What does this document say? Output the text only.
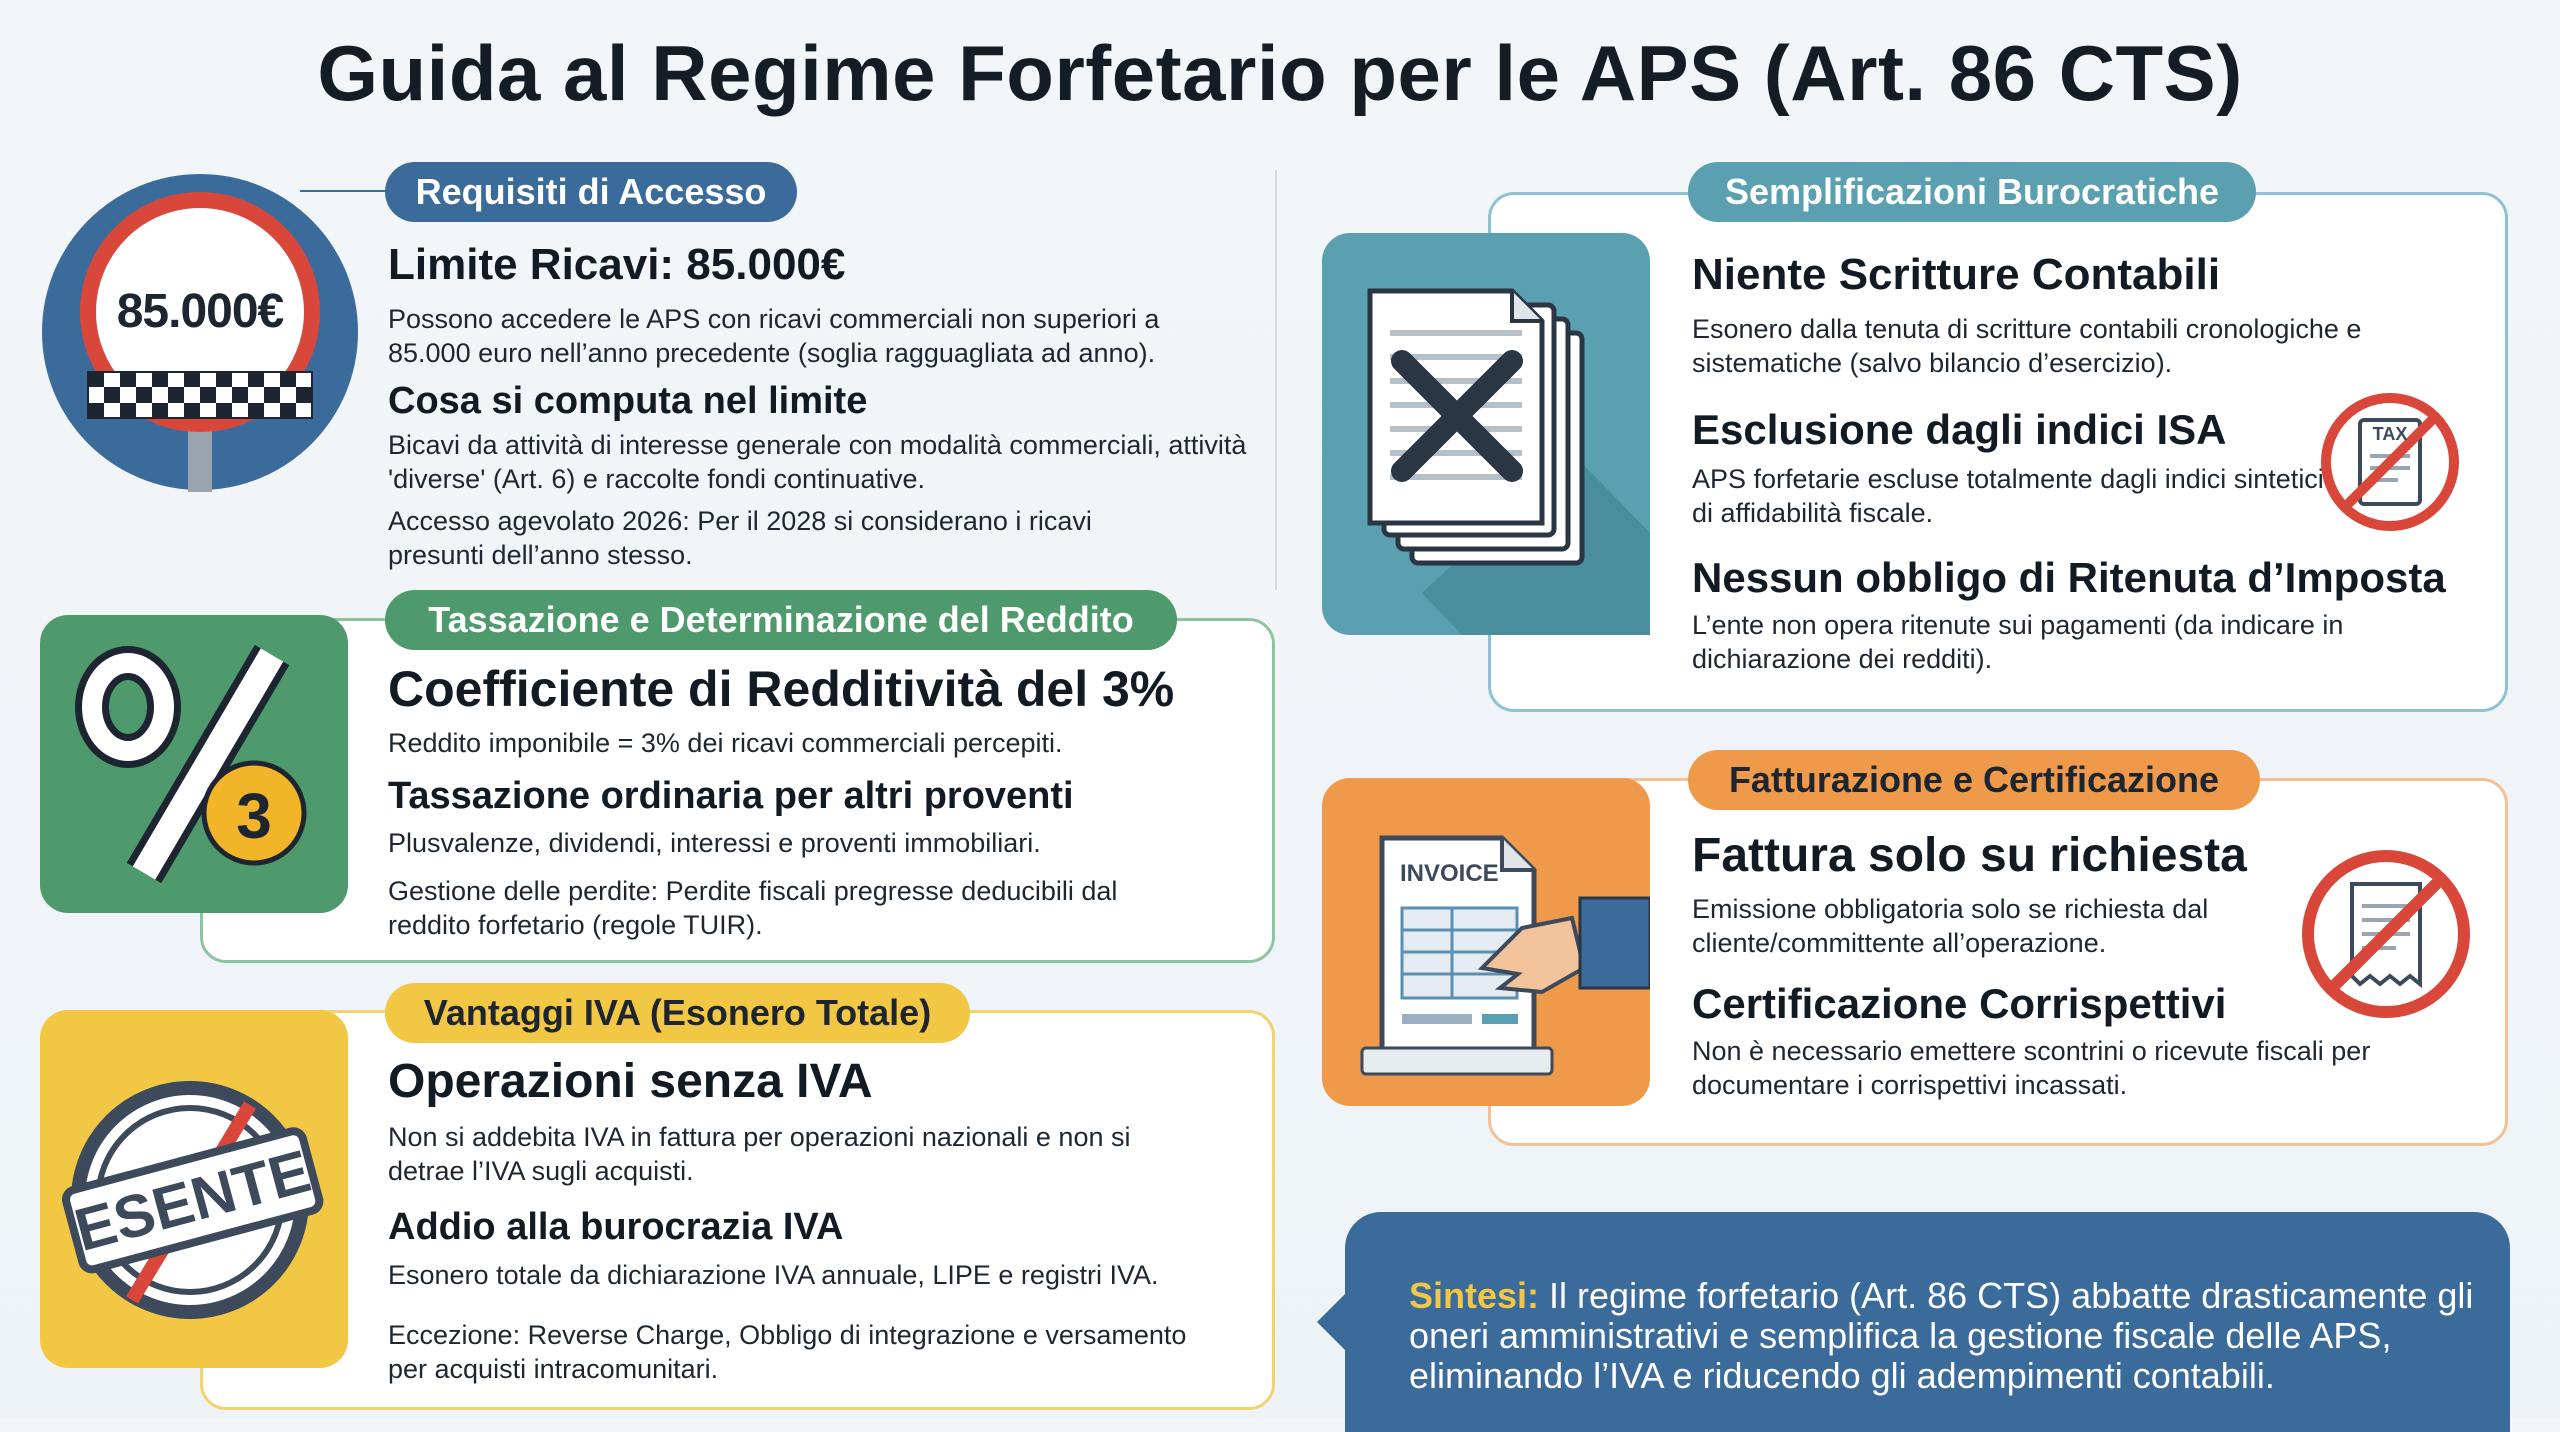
Guida al Regime Forfetario per le APS (Art. 86 CTS)
Requisiti di Accesso
85.000€
Limite Ricavi: 85.000€
Possono accedere le APS con ricavi commerciali non superiori a 85.000 euro nell’anno precedente (soglia ragguagliata ad anno).
Cosa si computa nel limite
Bicavi da attività di interesse generale con modalità commerciali, attività 'diverse' (Art. 6) e raccolte fondi continuative.
Accesso agevolato 2026: Per il 2028 si considerano i ricavi presunti dell’anno stesso.
Tassazione e Determinazione del Reddito
3
Coefficiente di Redditività del 3%
Reddito imponibile = 3% dei ricavi commerciali percepiti.
Tassazione ordinaria per altri proventi
Plusvalenze, dividendi, interessi e proventi immobiliari.
Gestione delle perdite: Perdite fiscali pregresse deducibili dal reddito forfetario (regole TUIR).
Vantaggi IVA (Esonero Totale)
ESENTE
Operazioni senza IVA
Non si addebita IVA in fattura per operazioni nazionali e non si detrae l’IVA sugli acquisti.
Addio alla burocrazia IVA
Esonero totale da dichiarazione IVA annuale, LIPE e registri IVA.
Eccezione: Reverse Charge, Obbligo di integrazione e versamento per acquisti intracomunitari.
Semplificazioni Burocratiche
Niente Scritture Contabili
Esonero dalla tenuta di scritture contabili cronologiche e sistematiche (salvo bilancio d’esercizio).
Esclusione dagli indici ISA
APS forfetarie escluse totalmente dagli indici sintetici di affidabilità fiscale.
TAX
Nessun obbligo di Ritenuta d’Imposta
L’ente non opera ritenute sui pagamenti (da indicare in dichiarazione dei redditi).
Fatturazione e Certificazione
INVOICE	Fattura solo su richiesta
Emissione obbligatoria solo se richiesta dal cliente/committente all’operazione.
Certificazione Corrispettivi
Non è necessario emettere scontrini o ricevute fiscali per documentare i corrispettivi incassati.
Sintesi: Il regime forfetario (Art. 86 CTS) abbatte drasticamente gli oneri amministrativi e semplifica la gestione fiscale delle APS, eliminando l’IVA e riducendo gli adempimenti contabili.
